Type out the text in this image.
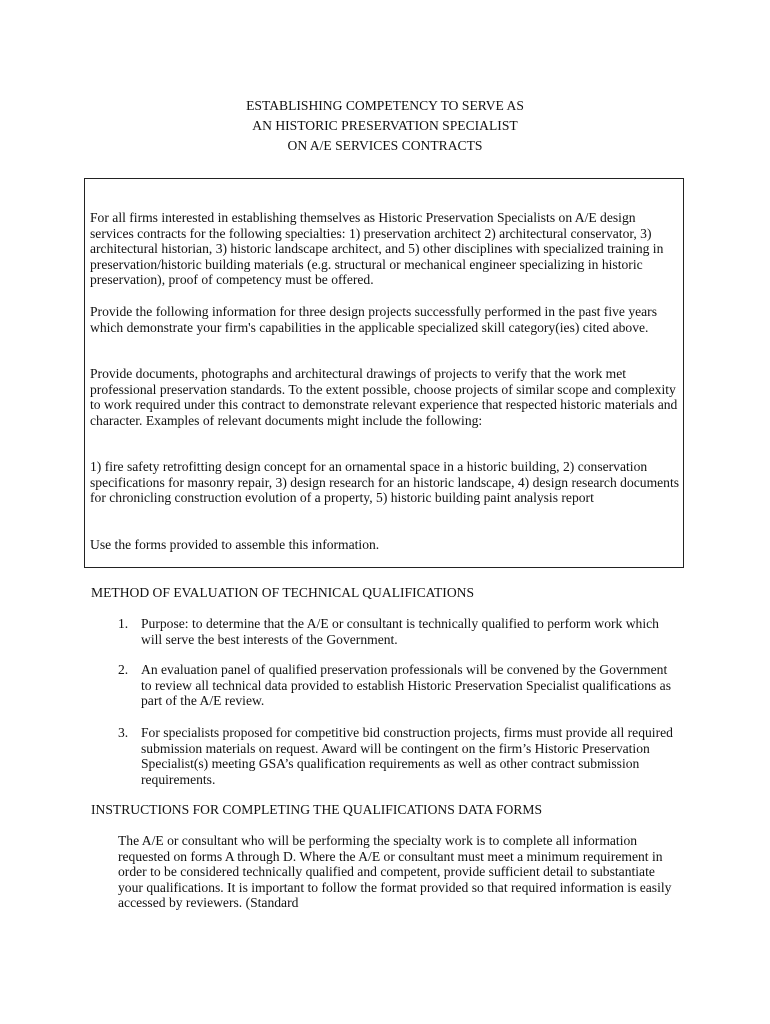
ESTABLISHING COMPETENCY TO SERVE AS
AN HISTORIC PRESERVATION SPECIALIST
ON A/E SERVICES CONTRACTS

For all firms interested in establishing themselves as Historic Preservation Specialists on A/E design services contracts for the following specialties: 1) preservation architect 2) architectural conservator, 3) architectural historian, 3) historic landscape architect, and 5) other disciplines with specialized training in preservation/historic building materials (e.g. structural or mechanical engineer specializing in historic preservation), proof of competency must be offered.

Provide the following information for three design projects successfully performed in the past five years which demonstrate your firm's capabilities in the applicable specialized skill category(ies) cited above.

Provide documents, photographs and architectural drawings of projects to verify that the work met professional preservation standards. To the extent possible, choose projects of similar scope and complexity to work required under this contract to demonstrate relevant experience that respected historic materials and character. Examples of relevant documents might include the following:

1) fire safety retrofitting design concept for an ornamental space in a historic building, 2) conservation specifications for masonry repair, 3) design research for an historic landscape, 4) design research documents for chronicling construction evolution of a property, 5) historic building paint analysis report

Use the forms provided to assemble this information.

METHOD OF EVALUATION OF TECHNICAL QUALIFICATIONS
1. Purpose: to determine that the A/E or consultant is technically qualified to perform work which will serve the best interests of the Government.
2. An evaluation panel of qualified preservation professionals will be convened by the Government to review all technical data provided to establish Historic Preservation Specialist qualifications as part of the A/E review.
3. For specialists proposed for competitive bid construction projects, firms must provide all required submission materials on request. Award will be contingent on the firm’s Historic Preservation Specialist(s) meeting GSA’s qualification requirements as well as other contract submission requirements.
INSTRUCTIONS FOR COMPLETING THE QUALIFICATIONS DATA FORMS
The A/E or consultant who will be performing the specialty work is to complete all information requested on forms A through D. Where the A/E or consultant must meet a minimum requirement in order to be considered technically qualified and competent, provide sufficient detail to substantiate your qualifications. It is important to follow the format provided so that required information is easily accessed by reviewers. (Standard
